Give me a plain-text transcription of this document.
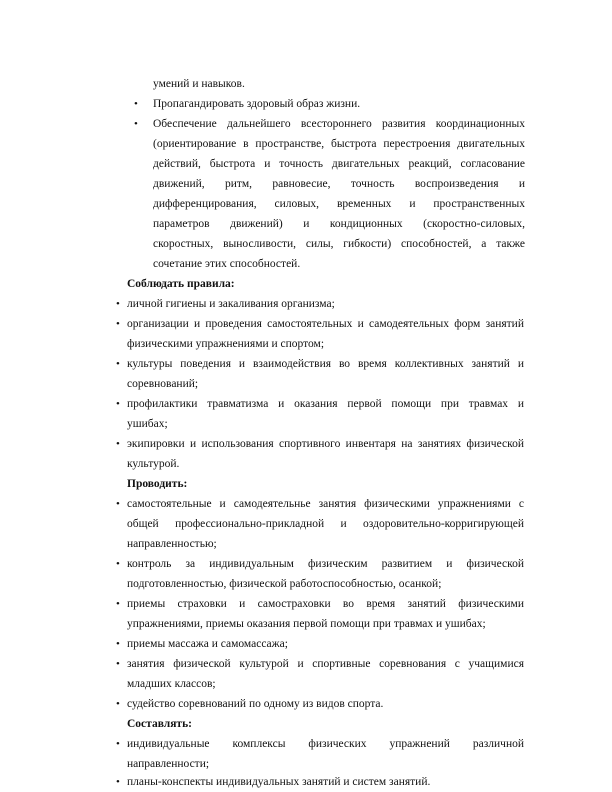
умений и навыков.
• Пропагандировать здоровый образ жизни.
• Обеспечение дальнейшего всестороннего развития координационных
(ориентирование в пространстве, быстрота перестроения двигательных
действий, быстрота и точность двигательных реакций, согласование
движений, ритм, равновесие, точность воспроизведения и
дифференцирования, силовых, временных и пространственных
параметров движений) и кондиционных (скоростно-силовых,
скоростных, выносливости, силы, гибкости) способностей, а также
сочетание этих способностей.
Соблюдать правила:
• личной гигиены и закаливания организма;
• организации и проведения самостоятельных и самодеятельных форм занятий
физическими упражнениями и спортом;
• культуры поведения и взаимодействия во время коллективных занятий и
соревнований;
• профилактики травматизма и оказания первой помощи при травмах и
ушибах;
• экипировки и использования спортивного инвентаря на занятиях физической
культурой.
Проводить:
• самостоятельные и самодеятельнье занятия физическими упражнениями с
общей профессионально-прикладной и оздоровительно-корригирующей
направленностью;
• контроль за индивидуальным физическим развитием и физической
подготовленностью, физической работоспособностью, осанкой;
• приемы страховки и самостраховки во время занятий физическими
упражнениями, приемы оказания первой помощи при травмах и ушибах;
• приемы массажа и самомассажа;
• занятия физической культурой и спортивные соревнования с учащимися
младших классов;
• судейство соревнований по одному из видов спорта.
Составлять:
• индивидуальные комплексы физических упражнений различной
направленности;
• планы-конспекты индивидуальных занятий и систем занятий.
